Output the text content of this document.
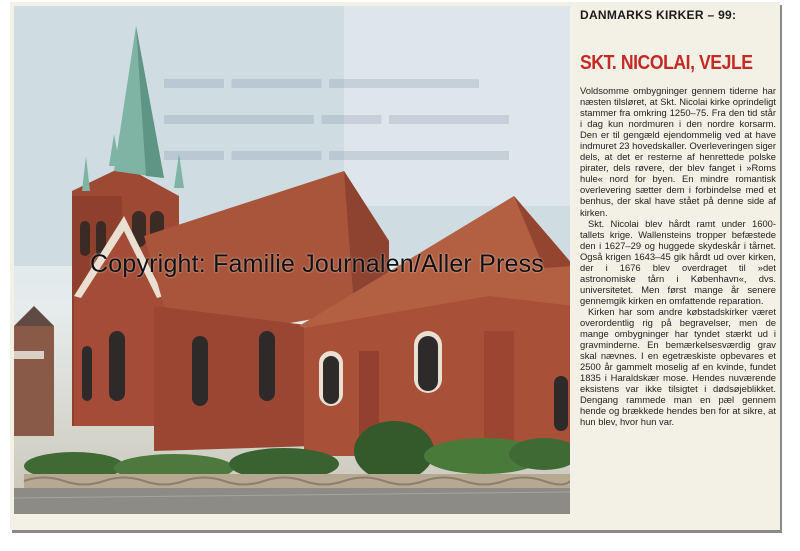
▬▬ ▬▬▬ ▬▬▬▬▬
▬▬▬▬▬ ▬▬ ▬▬▬▬
▬▬ ▬▬▬ ▬▬▬▬▬▬
Copyright: Familie Journalen/Aller Press
DANMARKS KIRKER – 99:
SKT. NICOLAI, VEJLE

Voldsomme ombygninger gennem tiderne har næsten tilsløret, at Skt. Nicolai kirke oprindeligt stammer fra omkring 1250–75. Fra den tid står i dag kun nordmuren i den nordre korsarm. Den er til gengæld ejendommelig ved at have indmuret 23 hovedskaller. Overleveringen siger dels, at det er resterne af henrettede polske pirater, dels røvere, der blev fanget i »Roms hule« nord for byen. En mindre romantisk overlevering sætter dem i forbindelse med et benhus, der skal have stået på denne side af kirken.

Skt. Nicolai blev hårdt ramt under 1600-tallets krige. Wallensteins tropper befæstede den i 1627–29 og huggede skydeskår i tårnet. Også krigen 1643–45 gik hårdt ud over kirken, der i 1676 blev overdraget til »det astronomiske tårn i København«, dvs. universitetet. Men først mange år senere gennemgik kirken en omfattende reparation.

Kirken har som andre købstadskirker været overordentlig rig på begravelser, men de mange ombygninger har tyndet stærkt ud i gravminderne. En bemærkelsesværdig grav skal nævnes. I en egetræskiste opbevares et 2500 år gammelt moselig af en kvinde, fundet 1835 i Haraldskær mose. Hendes nuværende eksistens var ikke tilsigtet i dødsøjeblikket. Dengang rammede man en pæl gennem hende og brækkede hendes ben for at sikre, at hun blev, hvor hun var.
